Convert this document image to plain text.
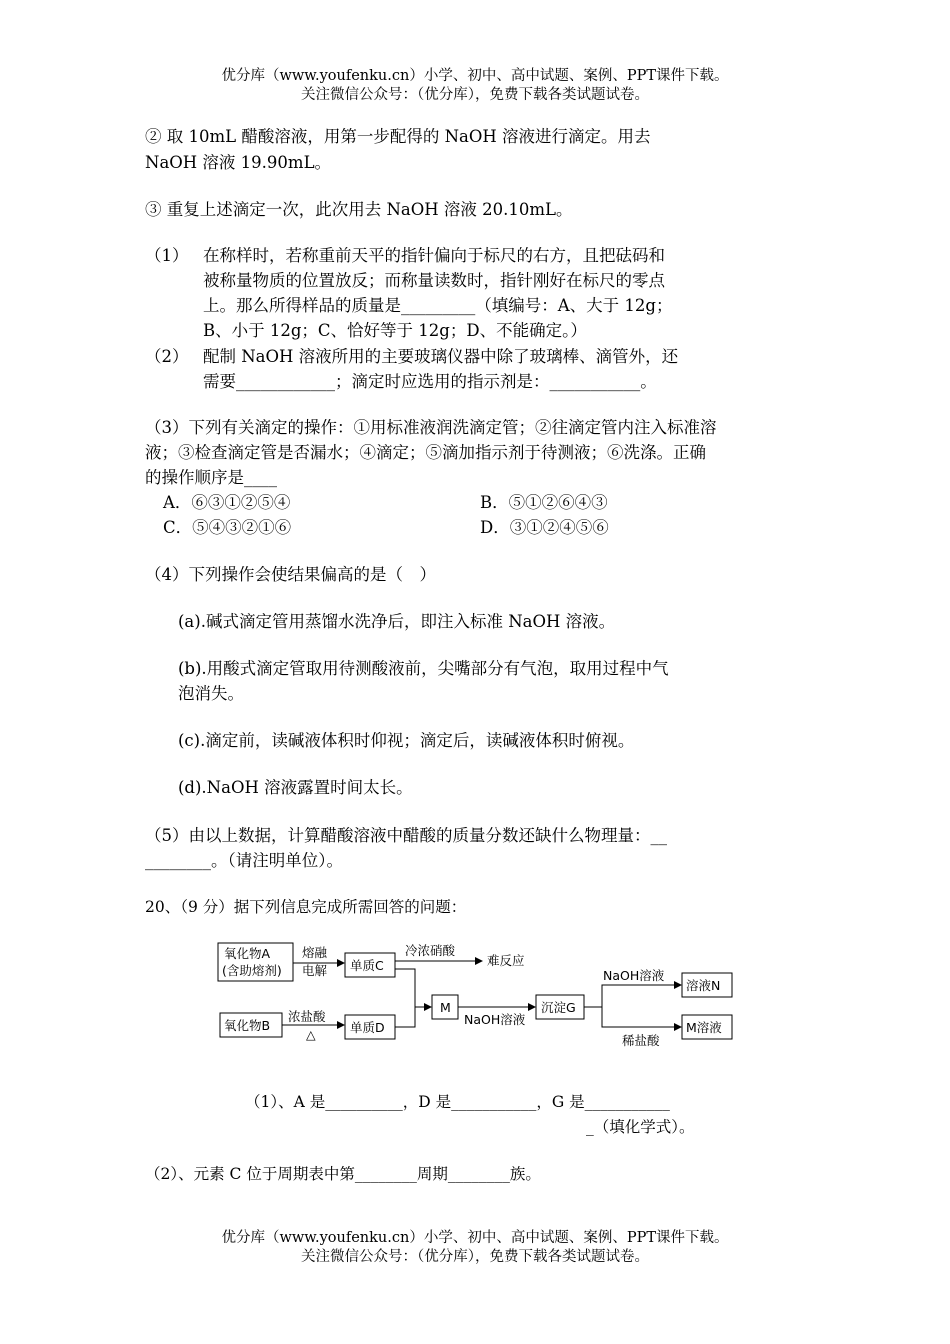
优分库（www.youfenku.cn）小学、初中、高中试题、案例、PPT课件下载。
关注微信公众号：（优分库），免费下载各类试题试卷。
② 取 10mL 醋酸溶液，用第一步配得的 NaOH 溶液进行滴定。用去
NaOH 溶液 19.90mL。
③ 重复上述滴定一次，此次用去 NaOH 溶液 20.10mL。
（1） 在称样时，若称重前天平的指针偏向于标尺的右方，且把砝码和
被称量物质的位置放反；而称量读数时，指针刚好在标尺的零点
上。那么所得样品的质量是_________（填编号：A、大于 12g；
B、小于 12g；C、恰好等于 12g；D、不能确定。）
（2） 配制 NaOH 溶液所用的主要玻璃仪器中除了玻璃棒、滴管外，还
需要____________；滴定时应选用的指示剂是：___________。
（3）下列有关滴定的操作：①用标准液润洗滴定管；②往滴定管内注入标准溶
液；③检查滴定管是否漏水；④滴定；⑤滴加指示剂于待测液；⑥洗涤。正确
的操作顺序是____
A．⑥③①②⑤④	B．⑤①②⑥④③
C．⑤④③②①⑥	D．③①②④⑤⑥
（4）下列操作会使结果偏高的是（　）
(a).碱式滴定管用蒸馏水洗净后，即注入标准 NaOH 溶液。
(b).用酸式滴定管取用待测酸液前，尖嘴部分有气泡，取用过程中气
泡消失。
(c).滴定前，读碱液体积时仰视；滴定后，读碱液体积时俯视。
(d).NaOH 溶液露置时间太长。
（5）由以上数据，计算醋酸溶液中醋酸的质量分数还缺什么物理量：__
________。（请注明单位）。
20、（9 分）据下列信息完成所需回答的问题：
氧化物A
(含助熔剂)
熔融
电解 单质C
冷浓硝酸
难反应
氧化物B
浓盐酸
△	单质D
M
NaOH溶液
沉淀G
NaOH溶液
溶液N
稀盐酸
M溶液
（1）、A 是__________，D 是___________，G 是___________
_（填化学式）。
（2）、元素 C 位于周期表中第________周期________族。
优分库（www.youfenku.cn）小学、初中、高中试题、案例、PPT课件下载。
关注微信公众号：（优分库），免费下载各类试题试卷。
